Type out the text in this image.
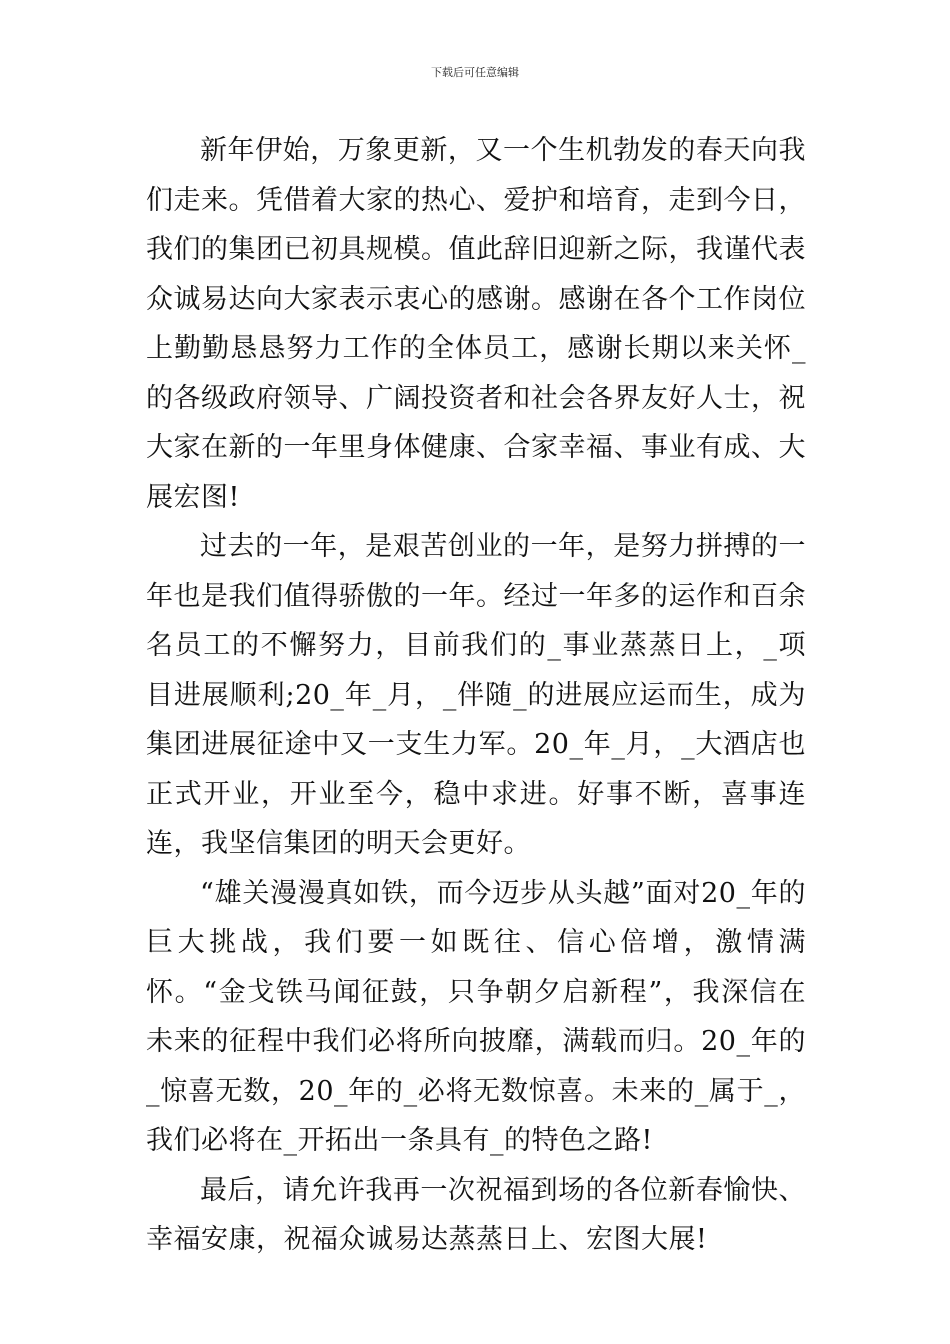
下载后可任意编辑

新年伊始，万象更新，又一个生机勃发的春天向我们走来。凭借着大家的热心、爱护和培育，走到今日，我们的集团已初具规模。值此辞旧迎新之际，我谨代表众诚易达向大家表示衷心的感谢。感谢在各个工作岗位上勤勤恳恳努力工作的全体员工，感谢长期以来关怀_的各级政府领导、广阔投资者和社会各界友好人士，祝大家在新的一年里身体健康、合家幸福、事业有成、大展宏图!

过去的一年，是艰苦创业的一年，是努力拼搏的一年也是我们值得骄傲的一年。经过一年多的运作和百余名员工的不懈努力，目前我们的_事业蒸蒸日上，_项目进展顺利;20_年_月，_伴随_的进展应运而生，成为集团进展征途中又一支生力军。20_年_月，_大酒店也正式开业，开业至今，稳中求进。好事不断，喜事连连，我坚信集团的明天会更好。

“雄关漫漫真如铁，而今迈步从头越”面对20_年的巨大挑战，我们要一如既往、信心倍增，激情满怀。“金戈铁马闻征鼓，只争朝夕启新程”，我深信在未来的征程中我们必将所向披靡，满载而归。20_年的_惊喜无数，20_年的_必将无数惊喜。未来的_属于_，我们必将在_开拓出一条具有_的特色之路!

最后，请允许我再一次祝福到场的各位新春愉快、幸福安康，祝福众诚易达蒸蒸日上、宏图大展!
